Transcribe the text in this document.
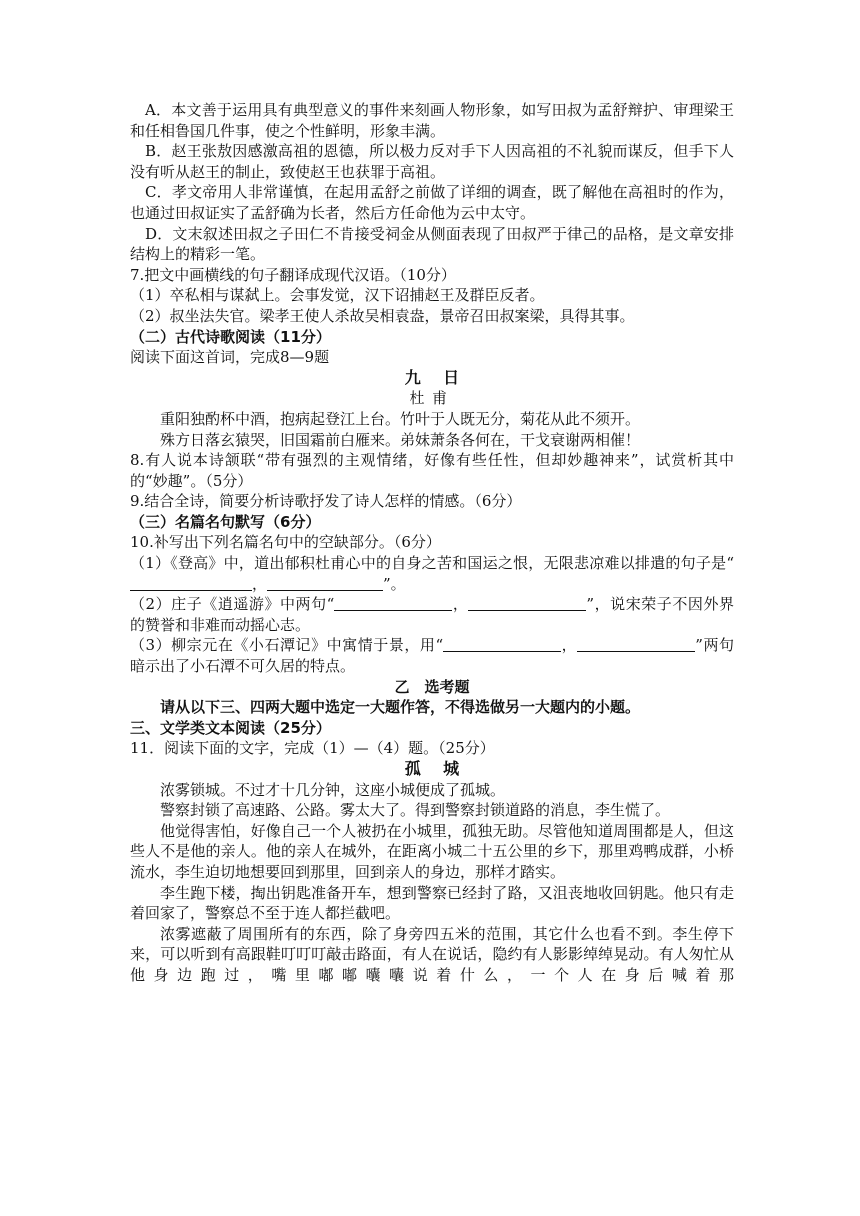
A．本文善于运用具有典型意义的事件来刻画人物形象，如写田叔为孟舒辩护、审理梁王和任相鲁国几件事，使之个性鲜明，形象丰满。

B．赵王张敖因感激高祖的恩德，所以极力反对手下人因高祖的不礼貌而谋反，但手下人没有听从赵王的制止，致使赵王也获罪于高祖。

C．孝文帝用人非常谨慎，在起用孟舒之前做了详细的调查，既了解他在高祖时的作为，也通过田叔证实了孟舒确为长者，然后方任命他为云中太守。

D．文末叙述田叔之子田仁不肯接受祠金从侧面表现了田叔严于律己的品格，是文章安排结构上的精彩一笔。

7.把文中画横线的句子翻译成现代汉语。（10分）

（1）卒私相与谋弑上。会事发觉，汉下诏捕赵王及群臣反者。

（2）叔坐法失官。梁孝王使人杀故吴相袁盎，景帝召田叔案梁，具得其事。

（二）古代诗歌阅读（11分）

阅读下面这首词，完成8—9题

九日

杜甫

重阳独酌杯中酒，抱病起登江上台。竹叶于人既无分，菊花从此不须开。

殊方日落玄猿哭，旧国霜前白雁来。弟妹萧条各何在，干戈衰谢两相催！

8.有人说本诗颔联“带有强烈的主观情绪，好像有些任性，但却妙趣神来”，试赏析其中的“妙趣”。（5分）

9.结合全诗，简要分析诗歌抒发了诗人怎样的情感。（6分）

（三）名篇名句默写（6分）

10.补写出下列名篇名句中的空缺部分。（6分）

（1）《登高》中，道出郁积杜甫心中的自身之苦和国运之恨，无限悲凉难以排遣的句子是“，	”。

（2）庄子《逍遥游》中两句“	，	”，说宋荣子不因外界的赞誉和非难而动摇心志。

（3）柳宗元在《小石潭记》中寓情于景，用“	，	”两句暗示出了小石潭不可久居的特点。

乙　选考题

请从以下三、四两大题中选定一大题作答，不得选做另一大题内的小题。

三、文学类文本阅读（25分）

11．阅读下面的文字，完成（1）—（4）题。（25分）

孤城

浓雾锁城。不过才十几分钟，这座小城便成了孤城。

警察封锁了高速路、公路。雾太大了。得到警察封锁道路的消息，李生慌了。

他觉得害怕，好像自己一个人被扔在小城里，孤独无助。尽管他知道周围都是人，但这些人不是他的亲人。他的亲人在城外，在距离小城二十五公里的乡下，那里鸡鸭成群，小桥流水，李生迫切地想要回到那里，回到亲人的身边，那样才踏实。

李生跑下楼，掏出钥匙准备开车，想到警察已经封了路，又沮丧地收回钥匙。他只有走着回家了，警察总不至于连人都拦截吧。

浓雾遮蔽了周围所有的东西，除了身旁四五米的范围，其它什么也看不到。李生停下来，可以听到有高跟鞋叮叮叮敲击路面，有人在说话，隐约有人影影绰绰晃动。有人匆忙从他身边跑过，嘴里嘟嘟囔囔说着什么，一个人在身后喊着那
